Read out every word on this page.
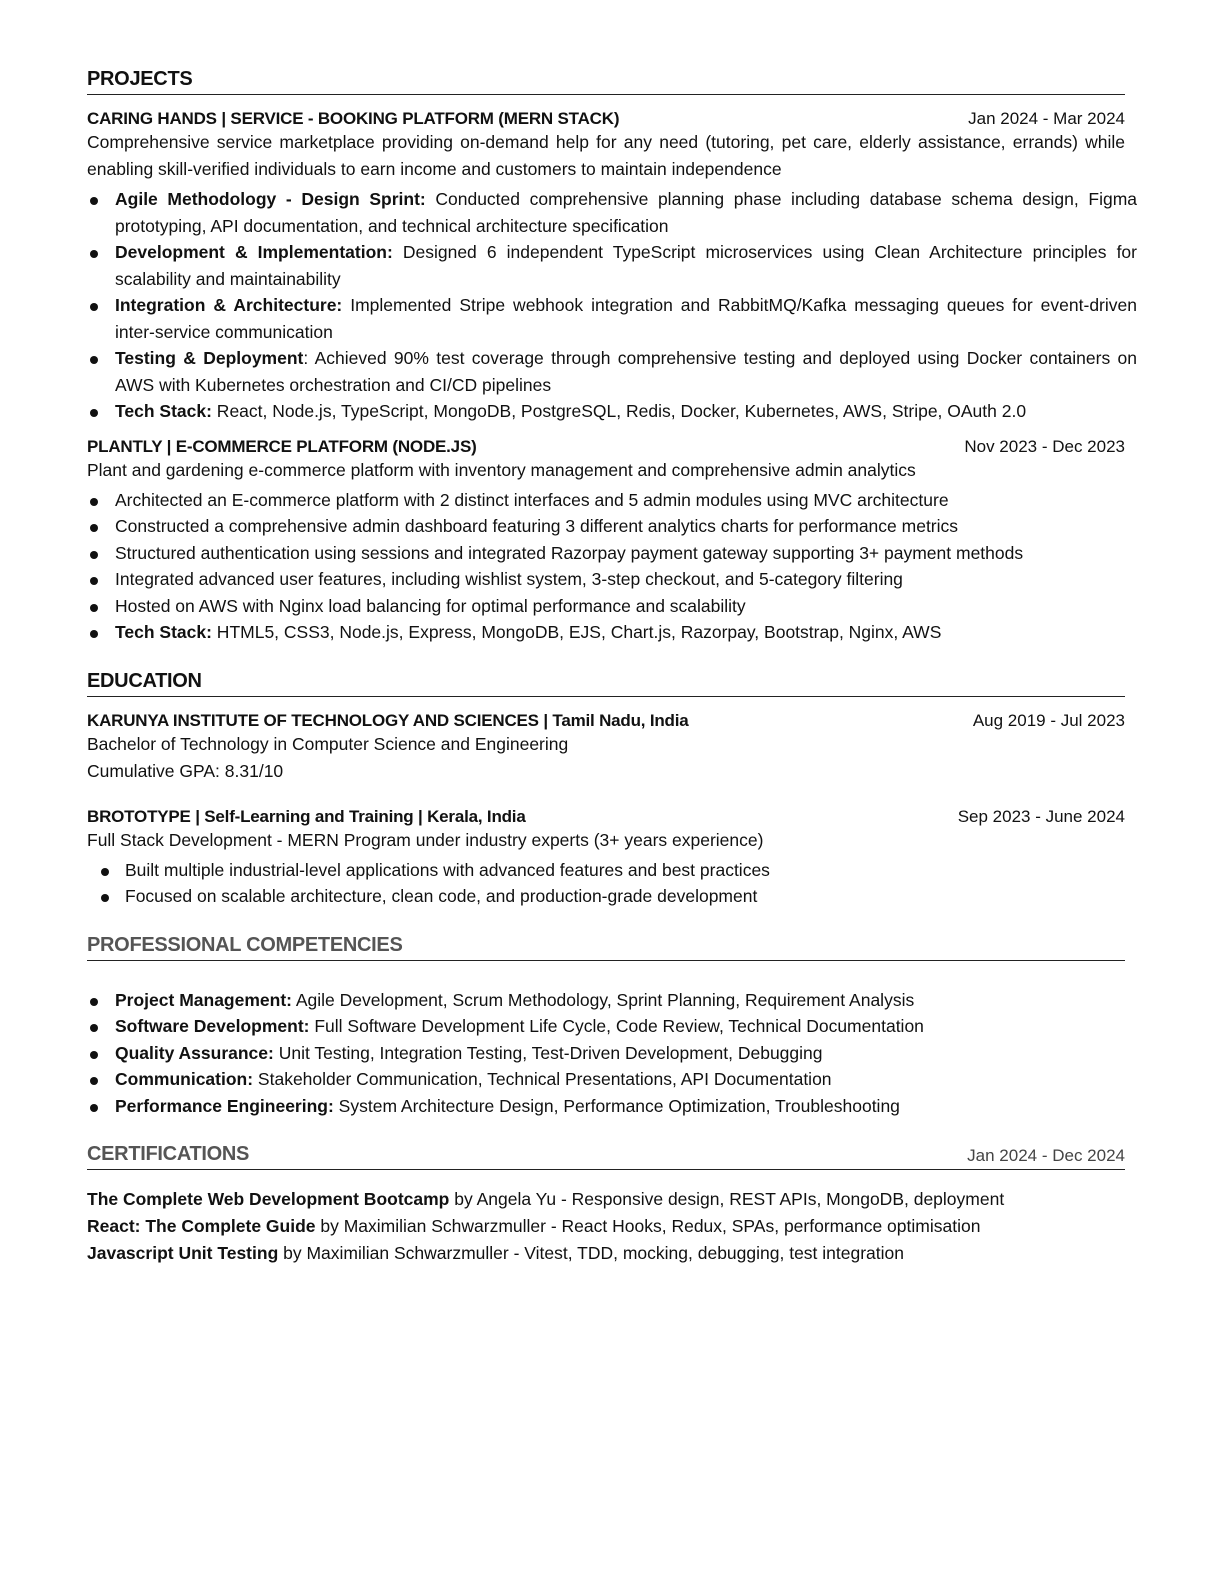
PROJECTS
CARING HANDS | SERVICE - BOOKING PLATFORM (MERN STACK)	Jan 2024 - Mar 2024
Comprehensive service marketplace providing on-demand help for any need (tutoring, pet care, elderly assistance, errands) while enabling skill-verified individuals to earn income and customers to maintain independence
Agile Methodology - Design Sprint: Conducted comprehensive planning phase including database schema design, Figma prototyping, API documentation, and technical architecture specification
Development & Implementation: Designed 6 independent TypeScript microservices using Clean Architecture principles for scalability and maintainability
Integration & Architecture: Implemented Stripe webhook integration and RabbitMQ/Kafka messaging queues for event-driven inter-service communication
Testing & Deployment: Achieved 90% test coverage through comprehensive testing and deployed using Docker containers on AWS with Kubernetes orchestration and CI/CD pipelines
Tech Stack: React, Node.js, TypeScript, MongoDB, PostgreSQL, Redis, Docker, Kubernetes, AWS, Stripe, OAuth 2.0
PLANTLY | E-COMMERCE PLATFORM (NODE.JS)	Nov 2023 - Dec 2023
Plant and gardening e-commerce platform with inventory management and comprehensive admin analytics
Architected an E-commerce platform with 2 distinct interfaces and 5 admin modules using MVC architecture
Constructed a comprehensive admin dashboard featuring 3 different analytics charts for performance metrics
Structured authentication using sessions and integrated Razorpay payment gateway supporting 3+ payment methods
Integrated advanced user features, including wishlist system, 3-step checkout, and 5-category filtering
Hosted on AWS with Nginx load balancing for optimal performance and scalability
Tech Stack: HTML5, CSS3, Node.js, Express, MongoDB, EJS, Chart.js, Razorpay, Bootstrap, Nginx, AWS
EDUCATION
KARUNYA INSTITUTE OF TECHNOLOGY AND SCIENCES | Tamil Nadu, India	Aug 2019 - Jul 2023
Bachelor of Technology in Computer Science and Engineering
Cumulative GPA: 8.31/10
BROTOTYPE | Self-Learning and Training | Kerala, India	Sep 2023 - June 2024
Full Stack Development - MERN Program under industry experts (3+ years experience)
Built multiple industrial-level applications with advanced features and best practices
Focused on scalable architecture, clean code, and production-grade development
PROFESSIONAL COMPETENCIES
Project Management: Agile Development, Scrum Methodology, Sprint Planning, Requirement Analysis
Software Development: Full Software Development Life Cycle, Code Review, Technical Documentation
Quality Assurance: Unit Testing, Integration Testing, Test-Driven Development, Debugging
Communication: Stakeholder Communication, Technical Presentations, API Documentation
Performance Engineering: System Architecture Design, Performance Optimization, Troubleshooting
CERTIFICATIONS	Jan 2024 - Dec 2024
The Complete Web Development Bootcamp by Angela Yu - Responsive design, REST APIs, MongoDB, deployment
React: The Complete Guide by Maximilian Schwarzmuller - React Hooks, Redux, SPAs, performance optimisation
Javascript Unit Testing by Maximilian Schwarzmuller - Vitest, TDD, mocking, debugging, test integration
